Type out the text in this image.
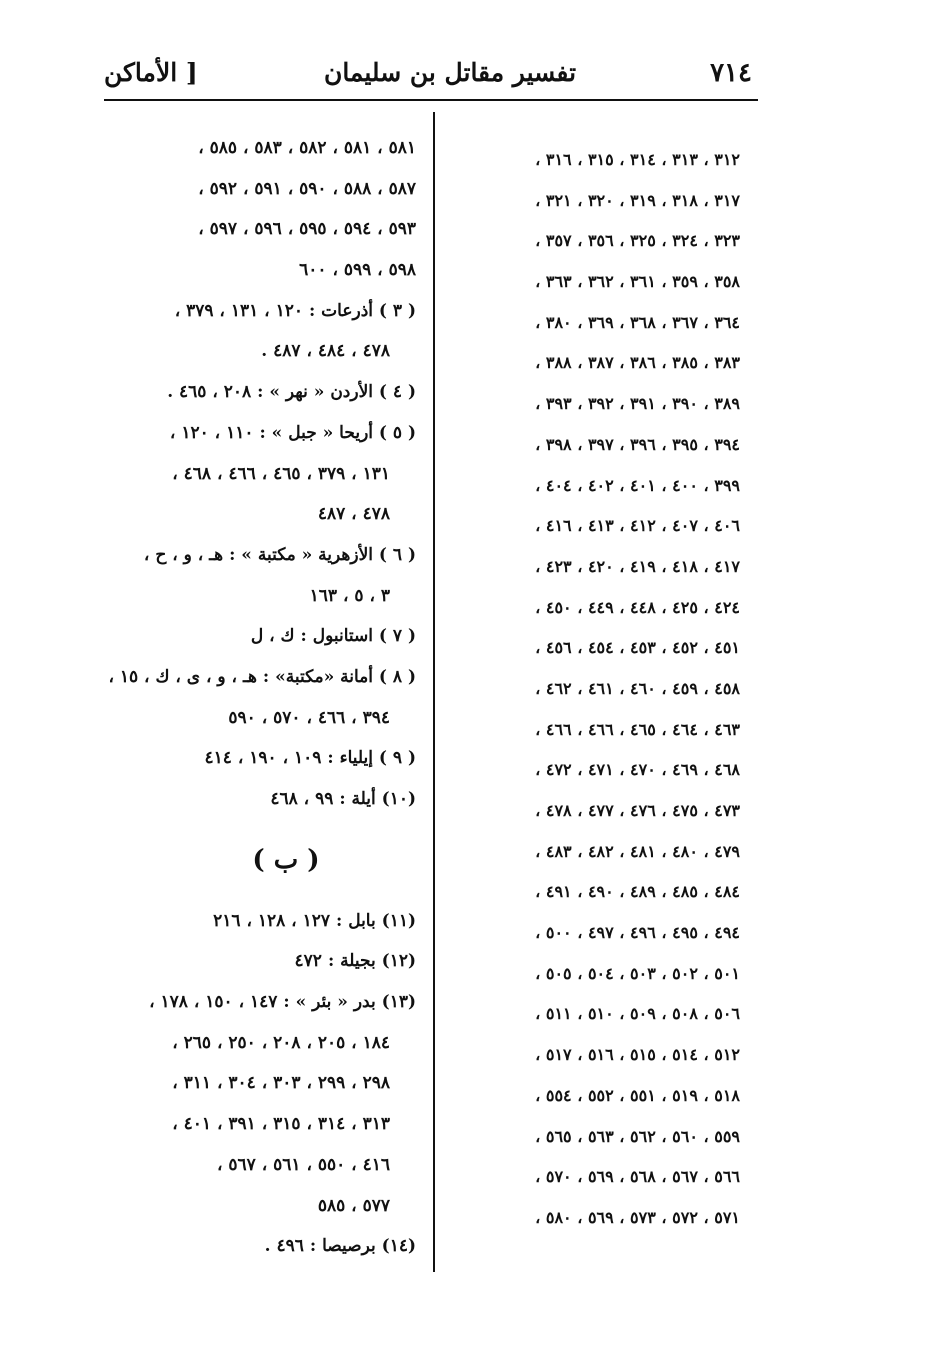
٧١٤
تفسير مقاتل بن سليمان
[ الأماكن
٣١٢ ، ٣١٣ ، ٣١٤ ، ٣١٥ ، ٣١٦ ،
٣١٧ ، ٣١٨ ، ٣١٩ ، ٣٢٠ ، ٣٢١ ،
٣٢٣ ، ٣٢٤ ، ٣٢٥ ، ٣٥٦ ، ٣٥٧ ،
٣٥٨ ، ٣٥٩ ، ٣٦١ ، ٣٦٢ ، ٣٦٣ ،
٣٦٤ ، ٣٦٧ ، ٣٦٨ ، ٣٦٩ ، ٣٨٠ ،
٣٨٣ ، ٣٨٥ ، ٣٨٦ ، ٣٨٧ ، ٣٨٨ ،
٣٨٩ ، ٣٩٠ ، ٣٩١ ، ٣٩٢ ، ٣٩٣ ،
٣٩٤ ، ٣٩٥ ، ٣٩٦ ، ٣٩٧ ، ٣٩٨ ،
٣٩٩ ، ٤٠٠ ، ٤٠١ ، ٤٠٢ ، ٤٠٤ ،
٤٠٦ ، ٤٠٧ ، ٤١٢ ، ٤١٣ ، ٤١٦ ،
٤١٧ ، ٤١٨ ، ٤١٩ ، ٤٢٠ ، ٤٢٣ ،
٤٢٤ ، ٤٢٥ ، ٤٤٨ ، ٤٤٩ ، ٤٥٠ ،
٤٥١ ، ٤٥٢ ، ٤٥٣ ، ٤٥٤ ، ٤٥٦ ،
٤٥٨ ، ٤٥٩ ، ٤٦٠ ، ٤٦١ ، ٤٦٢ ،
٤٦٣ ، ٤٦٤ ، ٤٦٥ ، ٤٦٦ ، ٤٦٦ ،
٤٦٨ ، ٤٦٩ ، ٤٧٠ ، ٤٧١ ، ٤٧٢ ،
٤٧٣ ، ٤٧٥ ، ٤٧٦ ، ٤٧٧ ، ٤٧٨ ،
٤٧٩ ، ٤٨٠ ، ٤٨١ ، ٤٨٢ ، ٤٨٣ ،
٤٨٤ ، ٤٨٥ ، ٤٨٩ ، ٤٩٠ ، ٤٩١ ،
٤٩٤ ، ٤٩٥ ، ٤٩٦ ، ٤٩٧ ، ٥٠٠ ،
٥٠١ ، ٥٠٢ ، ٥٠٣ ، ٥٠٤ ، ٥٠٥ ،
٥٠٦ ، ٥٠٨ ، ٥٠٩ ، ٥١٠ ، ٥١١ ،
٥١٢ ، ٥١٤ ، ٥١٥ ، ٥١٦ ، ٥١٧ ،
٥١٨ ، ٥١٩ ، ٥٥١ ، ٥٥٢ ، ٥٥٤ ،
٥٥٩ ، ٥٦٠ ، ٥٦٢ ، ٥٦٣ ، ٥٦٥ ،
٥٦٦ ، ٥٦٧ ، ٥٦٨ ، ٥٦٩ ، ٥٧٠ ،
٥٧١ ، ٥٧٢ ، ٥٧٣ ، ٥٦٩ ، ٥٨٠ ،
٥٨١ ، ٥٨١ ، ٥٨٢ ، ٥٨٣ ، ٥٨٥ ،
٥٨٧ ، ٥٨٨ ، ٥٩٠ ، ٥٩١ ، ٥٩٢ ،
٥٩٣ ، ٥٩٤ ، ٥٩٥ ، ٥٩٦ ، ٥٩٧ ،
٥٩٨ ، ٥٩٩ ، ٦٠٠
( ٣ ) أذرعات :١٢٠ ، ١٣١ ، ٣٧٩ ،
٤٧٨ ، ٤٨٤ ، ٤٨٧ .
( ٤ ) الأردن « نهر » :٢٠٨ ، ٤٦٥ .
( ٥ ) أريحا « جبل » :١١٠ ، ١٢٠ ،
١٣١ ، ٣٧٩ ، ٤٦٥ ، ٤٦٦ ، ٤٦٨ ،
٤٧٨ ، ٤٨٧
( ٦ ) الأزهرية « مكتبة » :هـ ، و ، ح ،
٣ ، ٥ ، ١٦٣
( ٧ ) استانبول :ك ، ل
( ٨ ) أمانة «مكتبة» :هـ ، و ، ى ، ك ، ١٥ ،
٣٩٤ ، ٤٦٦ ، ٥٧٠ ، ٥٩٠
( ٩ ) إيلياء :١٠٩ ، ١٩٠ ، ٤١٤
(١٠) أيلة :٩٩ ، ٤٦٨
( ب )
(١١) بابل :١٢٧ ، ١٢٨ ، ٢١٦
(١٢) بجيلة :٤٧٢
(١٣) بدر « بئر » :١٤٧ ، ١٥٠ ، ١٧٨ ،
١٨٤ ، ٢٠٥ ، ٢٠٨ ، ٢٥٠ ، ٢٦٥ ،
٢٩٨ ، ٢٩٩ ، ٣٠٣ ، ٣٠٤ ، ٣١١ ،
٣١٣ ، ٣١٤ ، ٣١٥ ، ٣٩١ ، ٤٠١ ،
٤١٦ ، ٥٥٠ ، ٥٦١ ، ٥٦٧ ،
٥٧٧ ، ٥٨٥
(١٤) برصيصا :٤٩٦ .
